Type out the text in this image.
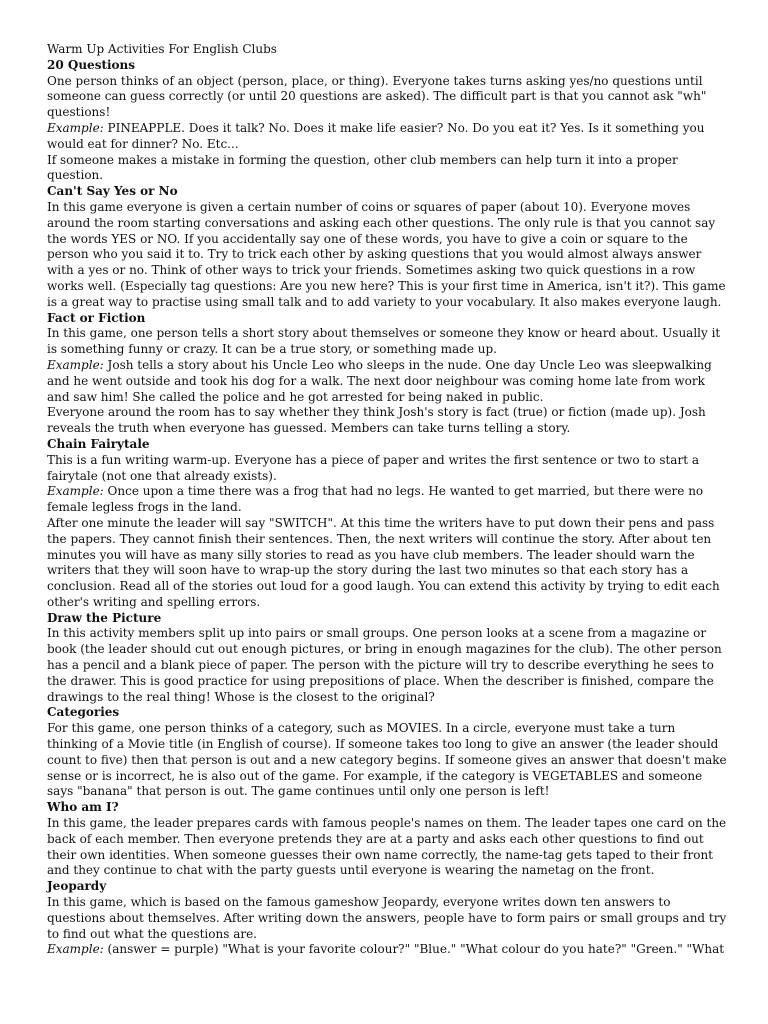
Warm Up Activities For English Clubs
20 Questions

One person thinks of an object (person, place, or thing). Everyone takes turns asking yes/no questions until someone can guess correctly (or until 20 questions are asked). The difficult part is that you cannot ask "wh" questions!

Example: PINEAPPLE. Does it talk? No. Does it make life easier? No. Do you eat it? Yes. Is it something you would eat for dinner? No. Etc...

If someone makes a mistake in forming the question, other club members can help turn it into a proper question.

Can't Say Yes or No

In this game everyone is given a certain number of coins or squares of paper (about 10). Everyone moves around the room starting conversations and asking each other questions. The only rule is that you cannot say the words YES or NO. If you accidentally say one of these words, you have to give a coin or square to the person who you said it to. Try to trick each other by asking questions that you would almost always answer with a yes or no. Think of other ways to trick your friends. Sometimes asking two quick questions in a row works well. (Especially tag questions: Are you new here? This is your first time in America, isn't it?). This game is a great way to practise using small talk and to add variety to your vocabulary. It also makes everyone laugh.

Fact or Fiction

In this game, one person tells a short story about themselves or someone they know or heard about. Usually it is something funny or crazy. It can be a true story, or something made up.

Example: Josh tells a story about his Uncle Leo who sleeps in the nude. One day Uncle Leo was sleepwalking and he went outside and took his dog for a walk. The next door neighbour was coming home late from work and saw him! She called the police and he got arrested for being naked in public.

Everyone around the room has to say whether they think Josh's story is fact (true) or fiction (made up). Josh reveals the truth when everyone has guessed. Members can take turns telling a story.

Chain Fairytale

This is a fun writing warm-up. Everyone has a piece of paper and writes the first sentence or two to start a fairytale (not one that already exists).

Example: Once upon a time there was a frog that had no legs. He wanted to get married, but there were no female legless frogs in the land.

After one minute the leader will say "SWITCH". At this time the writers have to put down their pens and pass the papers. They cannot finish their sentences. Then, the next writers will continue the story. After about ten minutes you will have as many silly stories to read as you have club members. The leader should warn the writers that they will soon have to wrap-up the story during the last two minutes so that each story has a conclusion. Read all of the stories out loud for a good laugh. You can extend this activity by trying to edit each other's writing and spelling errors.

Draw the Picture

In this activity members split up into pairs or small groups. One person looks at a scene from a magazine or book (the leader should cut out enough pictures, or bring in enough magazines for the club). The other person has a pencil and a blank piece of paper. The person with the picture will try to describe everything he sees to the drawer. This is good practice for using prepositions of place. When the describer is finished, compare the drawings to the real thing! Whose is the closest to the original?

Categories

For this game, one person thinks of a category, such as MOVIES. In a circle, everyone must take a turn thinking of a Movie title (in English of course). If someone takes too long to give an answer (the leader should count to five) then that person is out and a new category begins. If someone gives an answer that doesn't make sense or is incorrect, he is also out of the game. For example, if the category is VEGETABLES and someone says "banana" that person is out. The game continues until only one person is left!

Who am I?

In this game, the leader prepares cards with famous people's names on them. The leader tapes one card on the back of each member. Then everyone pretends they are at a party and asks each other questions to find out their own identities. When someone guesses their own name correctly, the name-tag gets taped to their front and they continue to chat with the party guests until everyone is wearing the nametag on the front.

Jeopardy

In this game, which is based on the famous gameshow Jeopardy, everyone writes down ten answers to questions about themselves. After writing down the answers, people have to form pairs or small groups and try to find out what the questions are.

Example: (answer = purple) "What is your favorite colour?" "Blue." "What colour do you hate?" "Green." "What
